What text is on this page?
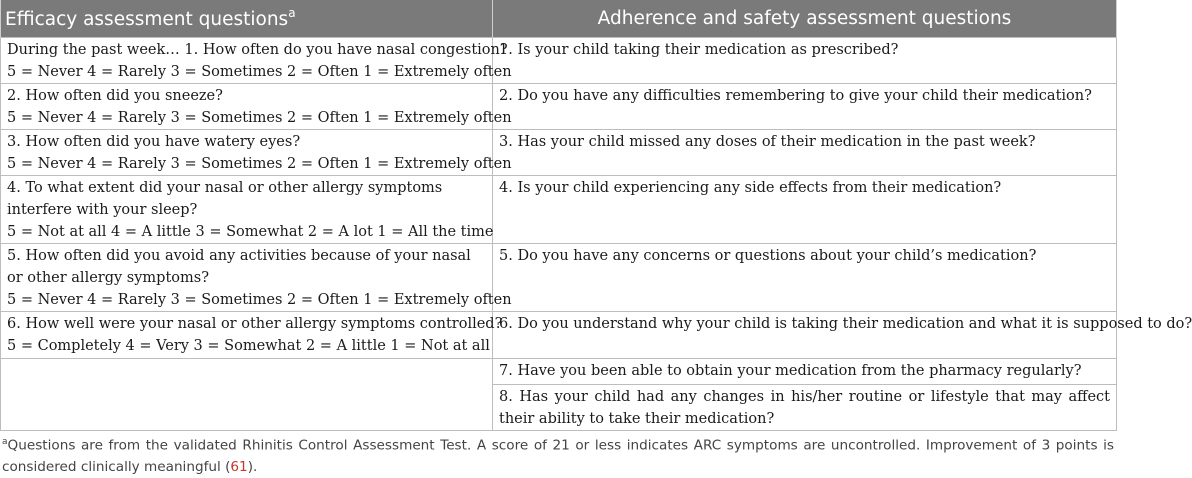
Efficacy assessment questions$^a$	Adherence and safety assessment questions

During the past week… 1. How often do you have nasal congestion?
5 = Never 4 = Rarely 3 = Sometimes 2 = Often 1 = Extremely often	1. Is your child taking their medication as prescribed?

2. How often did you sneeze?
5 = Never 4 = Rarely 3 = Sometimes 2 = Often 1 = Extremely often	2. Do you have any difficulties remembering to give your child their medication?

3. How often did you have watery eyes?
5 = Never 4 = Rarely 3 = Sometimes 2 = Often 1 = Extremely often	3. Has your child missed any doses of their medication in the past week?

4. To what extent did your nasal or other allergy symptoms interfere with your sleep?
5 = Not at all 4 = A little 3 = Somewhat 2 = A lot 1 = All the time	4. Is your child experiencing any side effects from their medication?

5. How often did you avoid any activities because of your nasal or other allergy symptoms?
5 = Never 4 = Rarely 3 = Sometimes 2 = Often 1 = Extremely often	5. Do you have any concerns or questions about your child’s medication?

6. How well were your nasal or other allergy symptoms controlled?
5 = Completely 4 = Very 3 = Somewhat 2 = A little 1 = Not at all	6. Do you understand why your child is taking their medication and what it is supposed to do?

	7. Have you been able to obtain your medication from the pharmacy regularly?

	8. Has your child had any changes in his/her routine or lifestyle that may affect their ability to take their medication?
$^a$Questions are from the validated Rhinitis Control Assessment Test. A score of 21 or less indicates ARC symptoms are uncontrolled. Improvement of 3 points is considered clinically meaningful (61).
